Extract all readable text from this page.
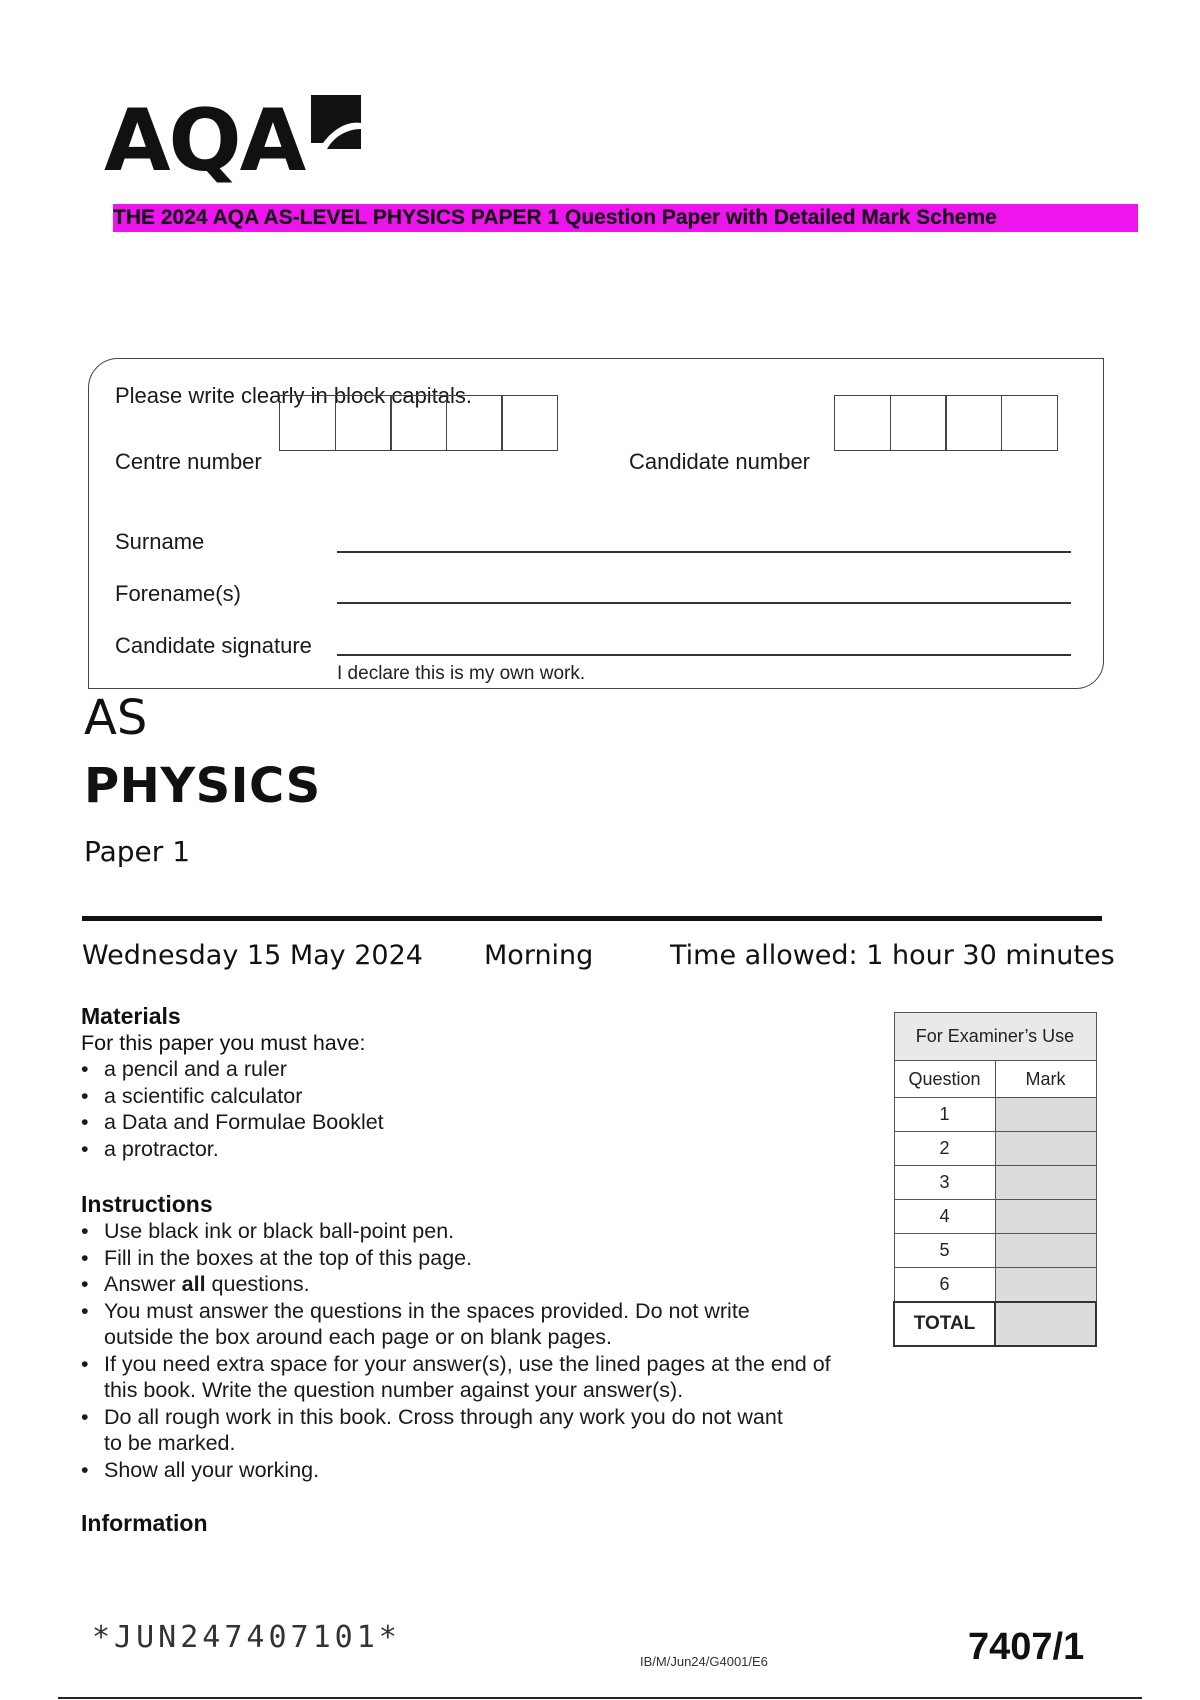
AQA
THE 2024 AQA AS-LEVEL PHYSICS PAPER 1 Question Paper with Detailed Mark Scheme
Please write clearly in block capitals.
Centre number	Candidate number
Surname
Forename(s)
Candidate signature
I declare this is my own work.
AS
PHYSICS
Paper 1
Wednesday 15 May 2024 Morning	Time allowed: 1 hour 30 minutes
Materials
For this paper you must have:
• a pencil and a ruler
• a scientific calculator
• a Data and Formulae Booklet
• a protractor.
Instructions
• Use black ink or black ball-point pen.
• Fill in the boxes at the top of this page.
• Answer all questions.
• You must answer the questions in the spaces provided. Do not write
outside the box around each page or on blank pages.
• If you need extra space for your answer(s), use the lined pages at the end of
this book. Write the question number against your answer(s).
• Do all rough work in this book. Cross through any work you do not want
to be marked.
• Show all your working.
Information
For Examiner’s Use	
Question	Mark
1	
2	
3	
4	
5	
6	
TOTAL	
*JUN247407101*
IB/M/Jun24/G4001/E6	7407/1
